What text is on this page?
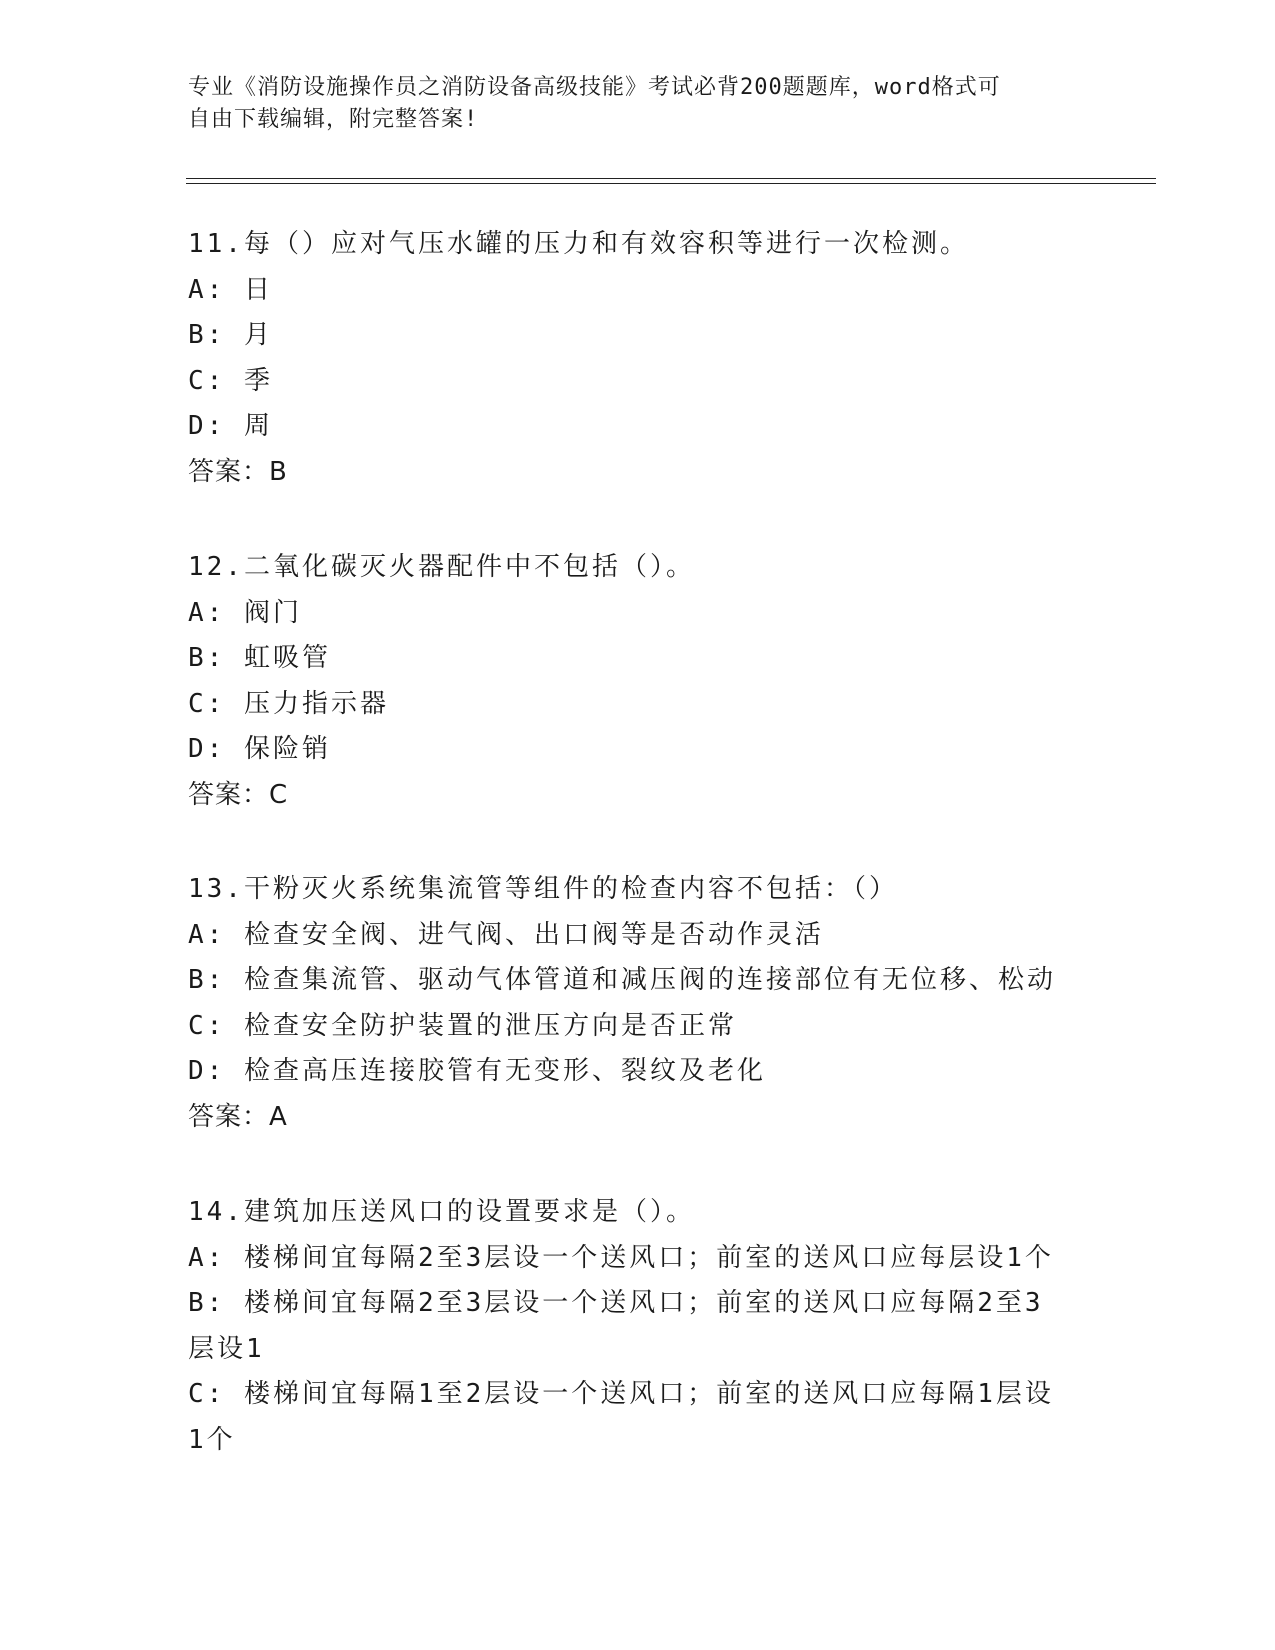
专业《消防设施操作员之消防设备高级技能》考试必背200题题库，word格式可
自由下载编辑，附完整答案!
11.每（）应对气压水罐的压力和有效容积等进行一次检测。
A: 日
B: 月
C: 季
D: 周
答案：B
12.二氧化碳灭火器配件中不包括（）。
A: 阀门
B: 虹吸管
C: 压力指示器
D: 保险销
答案：C
13.干粉灭火系统集流管等组件的检查内容不包括：（）
A: 检查安全阀、进气阀、出口阀等是否动作灵活
B: 检查集流管、驱动气体管道和减压阀的连接部位有无位移、松动
C: 检查安全防护装置的泄压方向是否正常
D: 检查高压连接胶管有无变形、裂纹及老化
答案：A
14.建筑加压送风口的设置要求是（）。
A: 楼梯间宜每隔2至3层设一个送风口；前室的送风口应每层设1个
B: 楼梯间宜每隔2至3层设一个送风口；前室的送风口应每隔2至3
层设1
C: 楼梯间宜每隔1至2层设一个送风口；前室的送风口应每隔1层设
1个
